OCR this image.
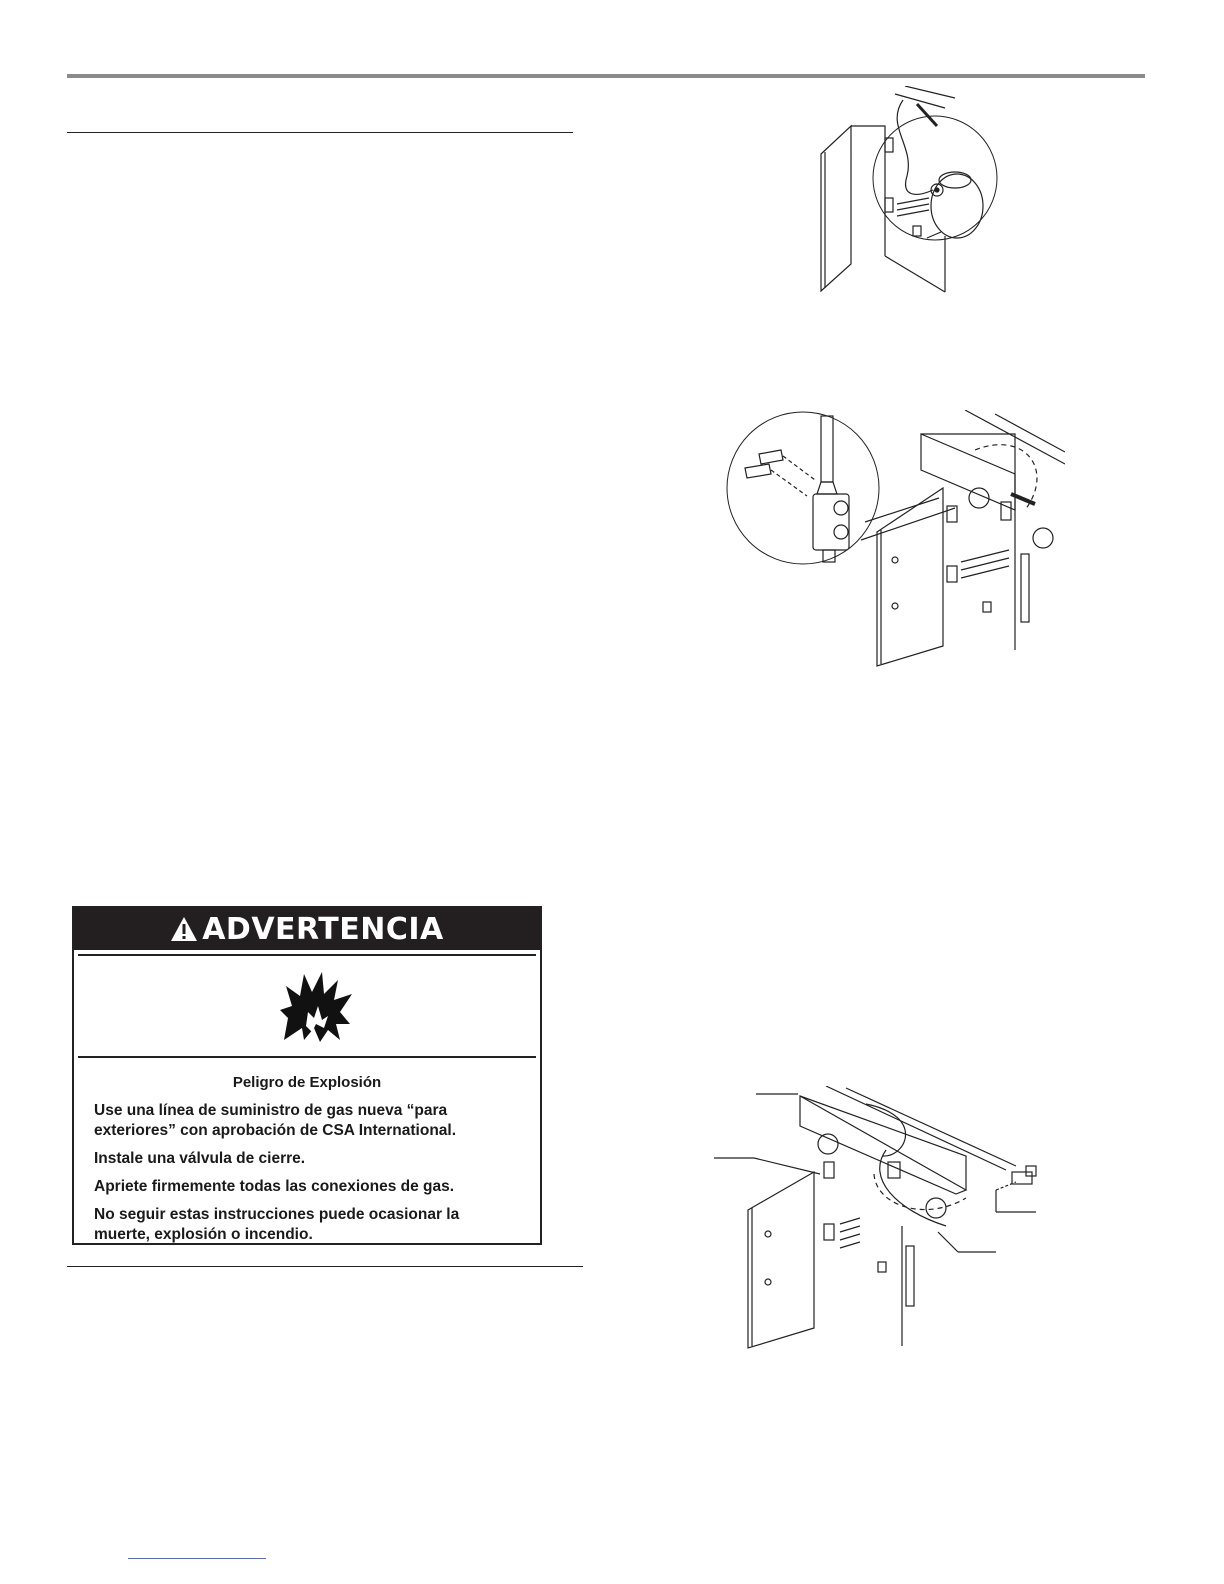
ADVERTENCIA
Peligro de Explosión
Use una línea de suministro de gas nueva “para exteriores” con aprobación de CSA International.
Instale una válvula de cierre.
Apriete firmemente todas las conexiones de gas.
No seguir estas instrucciones puede ocasionar la muerte, explosión o incendio.
